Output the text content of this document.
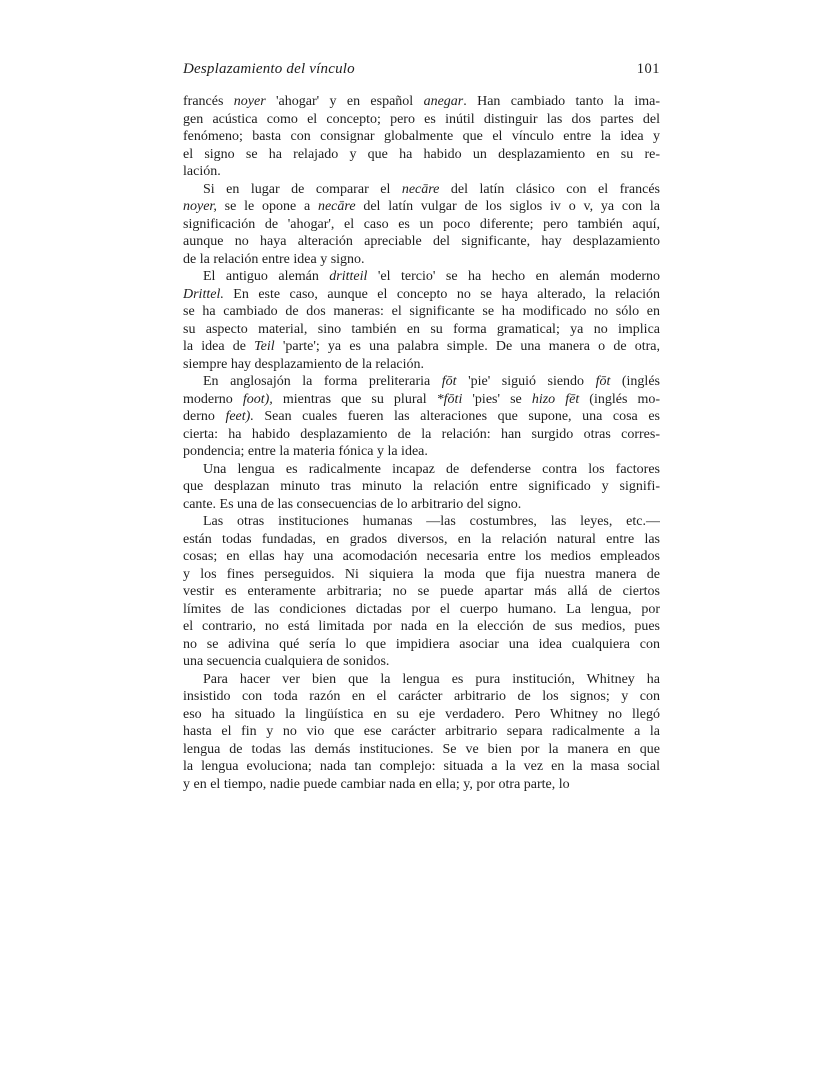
Desplazamiento del vínculo	101
francés noyer 'ahogar' y en español anegar. Han cambiado tanto la ima-
gen acústica como el concepto; pero es inútil distinguir las dos partes del
fenómeno; basta con consignar globalmente que el vínculo entre la idea y
el signo se ha relajado y que ha habido un desplazamiento en su re-
lación.
Si en lugar de comparar el necāre del latín clásico con el francés
noyer, se le opone a necāre del latín vulgar de los siglos iv o v, ya con la
significación de 'ahogar', el caso es un poco diferente; pero también aquí,
aunque no haya alteración apreciable del significante, hay desplazamiento
de la relación entre idea y signo.
El antiguo alemán dritteil 'el tercio' se ha hecho en alemán moderno
Drittel. En este caso, aunque el concepto no se haya alterado, la relación
se ha cambiado de dos maneras: el significante se ha modificado no sólo en
su aspecto material, sino también en su forma gramatical; ya no implica
la idea de Teil 'parte'; ya es una palabra simple. De una manera o de otra,
siempre hay desplazamiento de la relación.
En anglosajón la forma preliteraria fōt 'pie' siguió siendo fōt (inglés
moderno foot), mientras que su plural *fōti 'pies' se hizo fēt (inglés mo-
derno feet). Sean cuales fueren las alteraciones que supone, una cosa es
cierta: ha habido desplazamiento de la relación: han surgido otras corres-
pondencia; entre la materia fónica y la idea.
Una lengua es radicalmente incapaz de defenderse contra los factores
que desplazan minuto tras minuto la relación entre significado y signifi-
cante. Es una de las consecuencias de lo arbitrario del signo.
Las otras instituciones humanas —las costumbres, las leyes, etc.—
están todas fundadas, en grados diversos, en la relación natural entre las
cosas; en ellas hay una acomodación necesaria entre los medios empleados
y los fines perseguidos. Ni siquiera la moda que fija nuestra manera de
vestir es enteramente arbitraria; no se puede apartar más allá de ciertos
límites de las condiciones dictadas por el cuerpo humano. La lengua, por
el contrario, no está limitada por nada en la elección de sus medios, pues
no se adivina qué sería lo que impidiera asociar una idea cualquiera con
una secuencia cualquiera de sonidos.
Para hacer ver bien que la lengua es pura institución, Whitney ha
insistido con toda razón en el carácter arbitrario de los signos; y con
eso ha situado la lingüística en su eje verdadero. Pero Whitney no llegó
hasta el fin y no vio que ese carácter arbitrario separa radicalmente a la
lengua de todas las demás instituciones. Se ve bien por la manera en que
la lengua evoluciona; nada tan complejo: situada a la vez en la masa social
y en el tiempo, nadie puede cambiar nada en ella; y, por otra parte, lo
